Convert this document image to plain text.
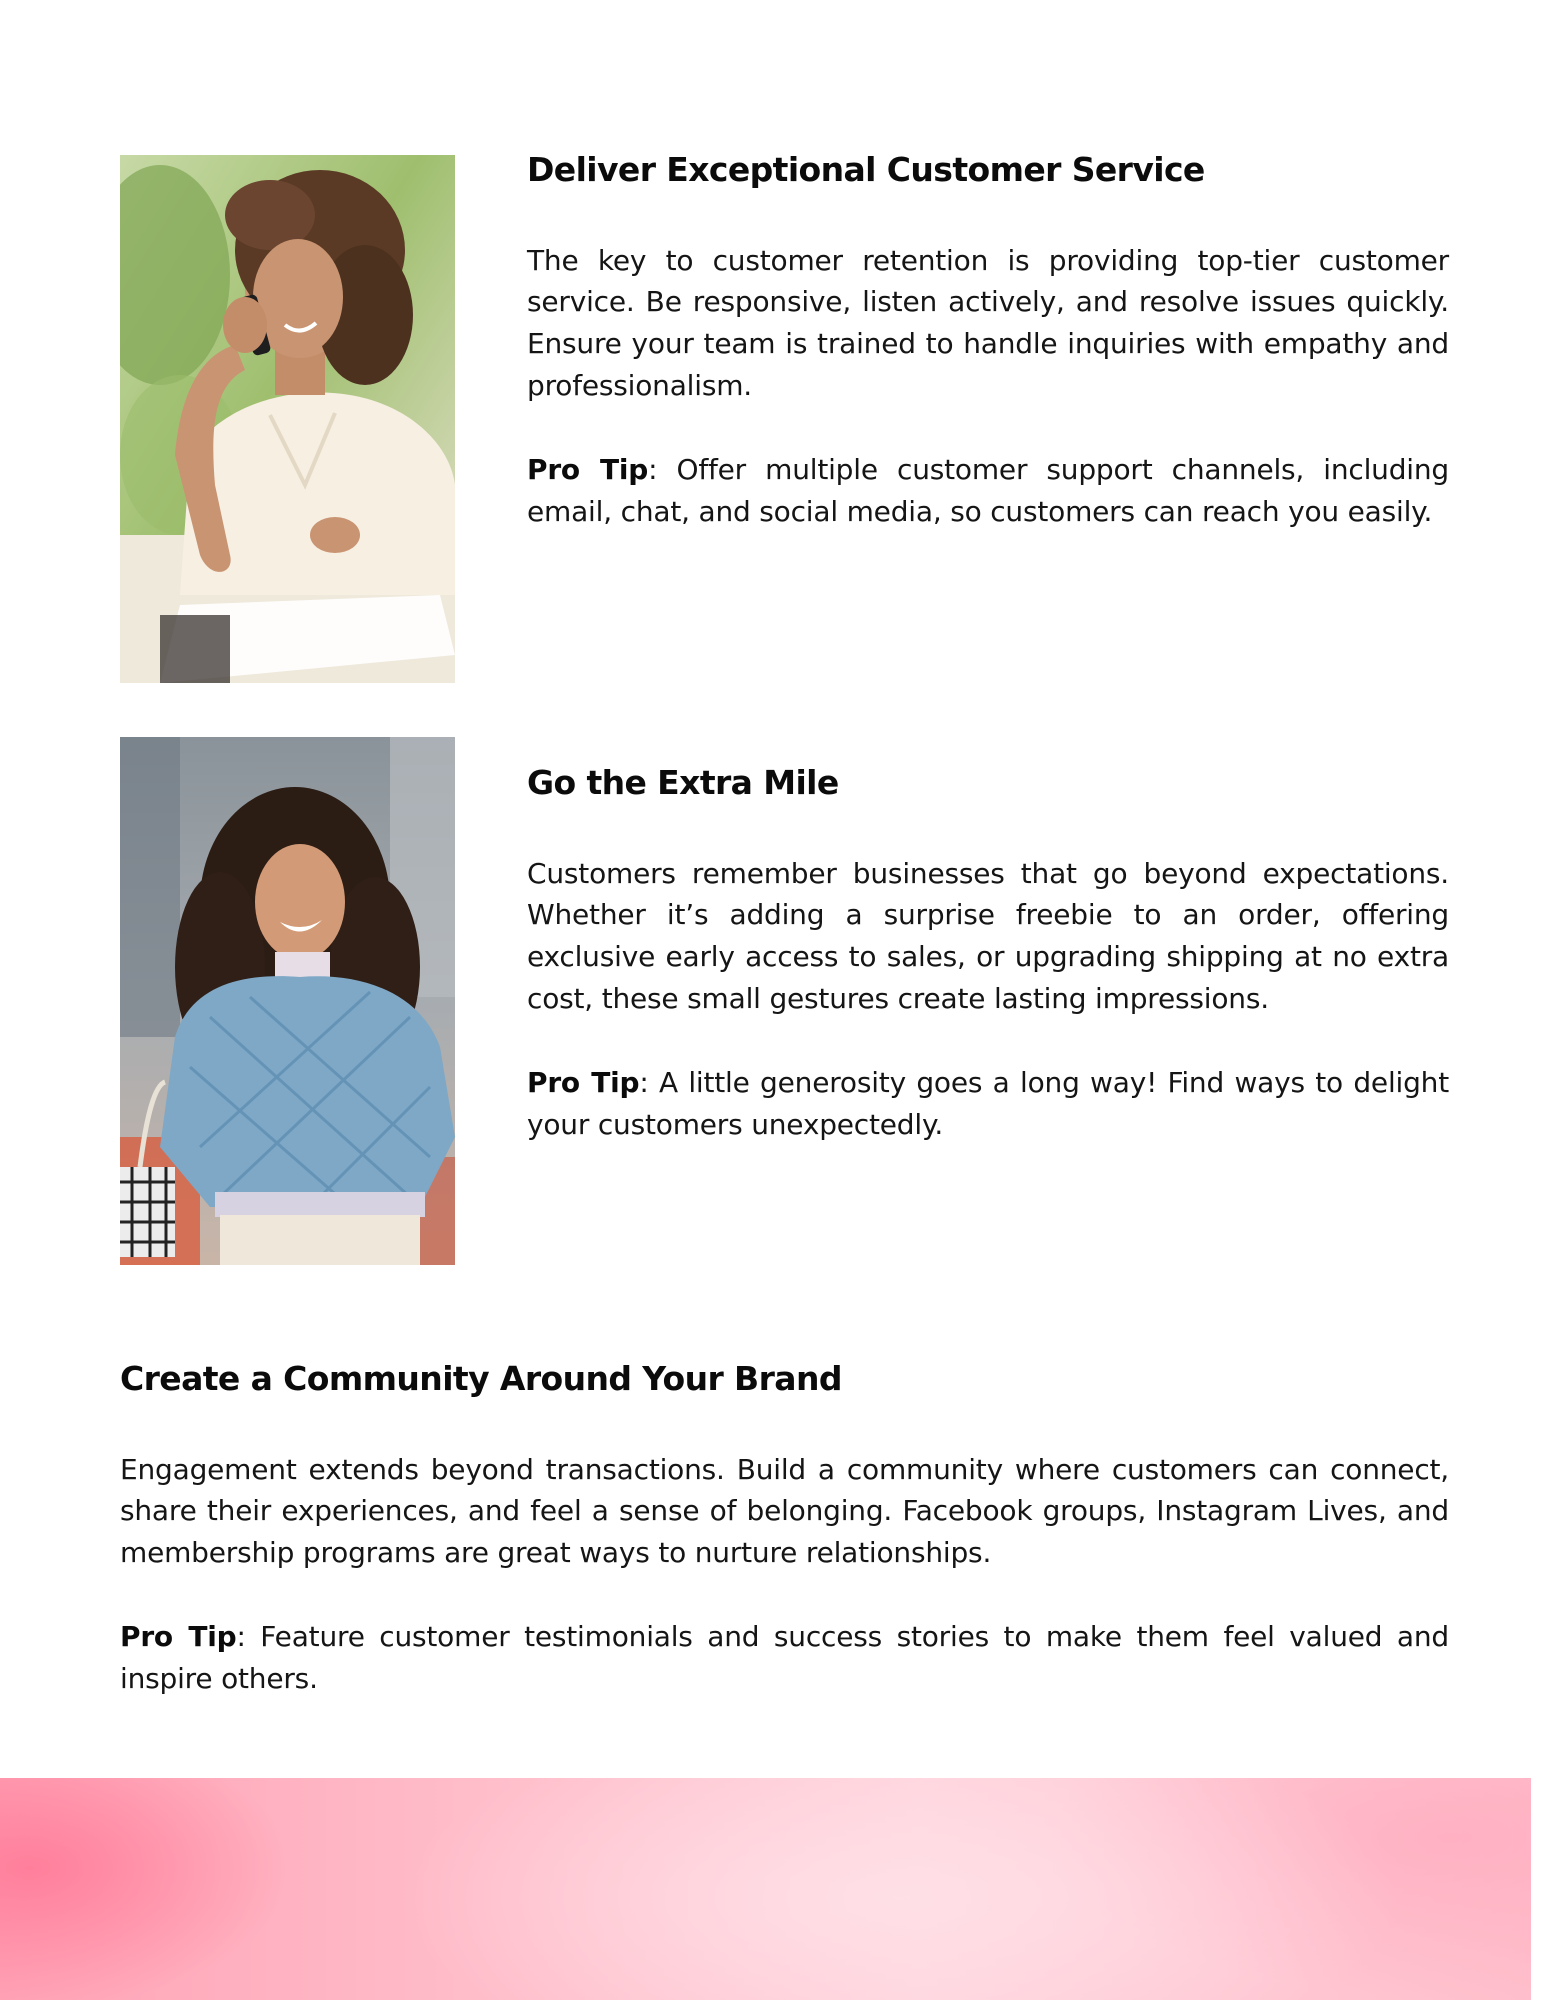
Deliver Exceptional Customer Service

The key to customer retention is providing top-tier customer service. Be responsive, listen actively, and resolve issues quickly. Ensure your team is trained to handle inquiries with empathy and professionalism.

Pro Tip: Offer multiple customer support channels, including email, chat, and social media, so customers can reach you easily.

Go the Extra Mile

Customers remember businesses that go beyond expectations. Whether it’s adding a surprise freebie to an order, offering exclusive early access to sales, or upgrading shipping at no extra cost, these small gestures create lasting impressions.

Pro Tip: A little generosity goes a long way! Find ways to delight your customers unexpectedly.

Create a Community Around Your Brand

Engagement extends beyond transactions. Build a community where customers can connect, share their experiences, and feel a sense of belonging. Facebook groups, Instagram Lives, and membership programs are great ways to nurture relationships.

Pro Tip: Feature customer testimonials and success stories to make them feel valued and inspire others.
